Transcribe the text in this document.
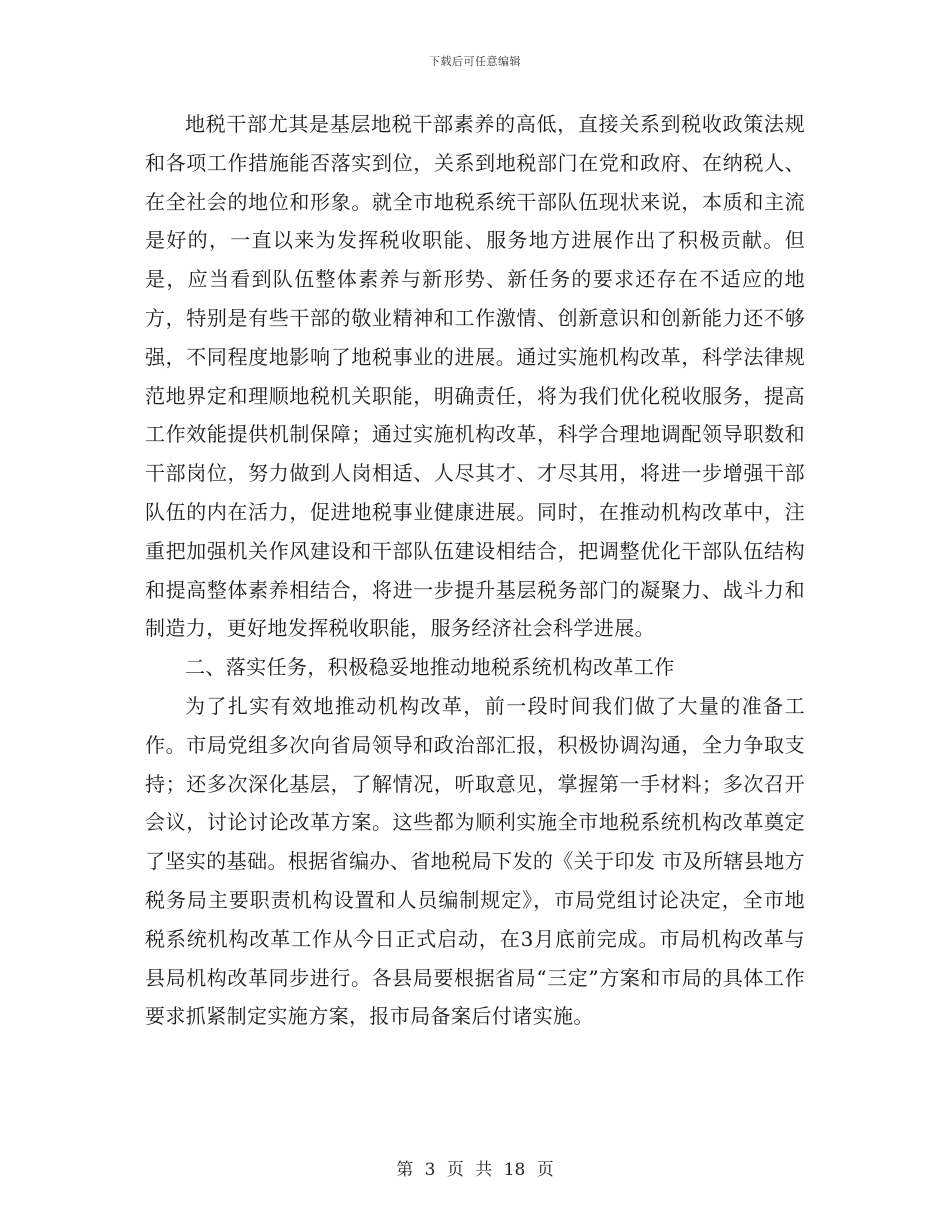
下载后可任意编辑

地税干部尤其是基层地税干部素养的高低，直接关系到税收政策法规和各项工作措施能否落实到位，关系到地税部门在党和政府、在纳税人、在全社会的地位和形象。就全市地税系统干部队伍现状来说，本质和主流是好的，一直以来为发挥税收职能、服务地方进展作出了积极贡献。但是，应当看到队伍整体素养与新形势、新任务的要求还存在不适应的地方，特别是有些干部的敬业精神和工作激情、创新意识和创新能力还不够强，不同程度地影响了地税事业的进展。通过实施机构改革，科学法律规范地界定和理顺地税机关职能，明确责任，将为我们优化税收服务，提高工作效能提供机制保障；通过实施机构改革，科学合理地调配领导职数和干部岗位，努力做到人岗相适、人尽其才、才尽其用，将进一步增强干部队伍的内在活力，促进地税事业健康进展。同时，在推动机构改革中，注重把加强机关作风建设和干部队伍建设相结合，把调整优化干部队伍结构和提高整体素养相结合，将进一步提升基层税务部门的凝聚力、战斗力和制造力，更好地发挥税收职能，服务经济社会科学进展。

二、落实任务，积极稳妥地推动地税系统机构改革工作

为了扎实有效地推动机构改革，前一段时间我们做了大量的准备工作。市局党组多次向省局领导和政治部汇报，积极协调沟通，全力争取支持；还多次深化基层，了解情况，听取意见，掌握第一手材料；多次召开会议，讨论讨论改革方案。这些都为顺利实施全市地税系统机构改革奠定了坚实的基础。根据省编办、省地税局下发的《关于印发 市及所辖县地方税务局主要职责机构设置和人员编制规定》，市局党组讨论决定，全市地税系统机构改革工作从今日正式启动，在3月底前完成。市局机构改革与县局机构改革同步进行。各县局要根据省局“三定”方案和市局的具体工作要求抓紧制定实施方案，报市局备案后付诸实施。

第 3 页 共 18 页
